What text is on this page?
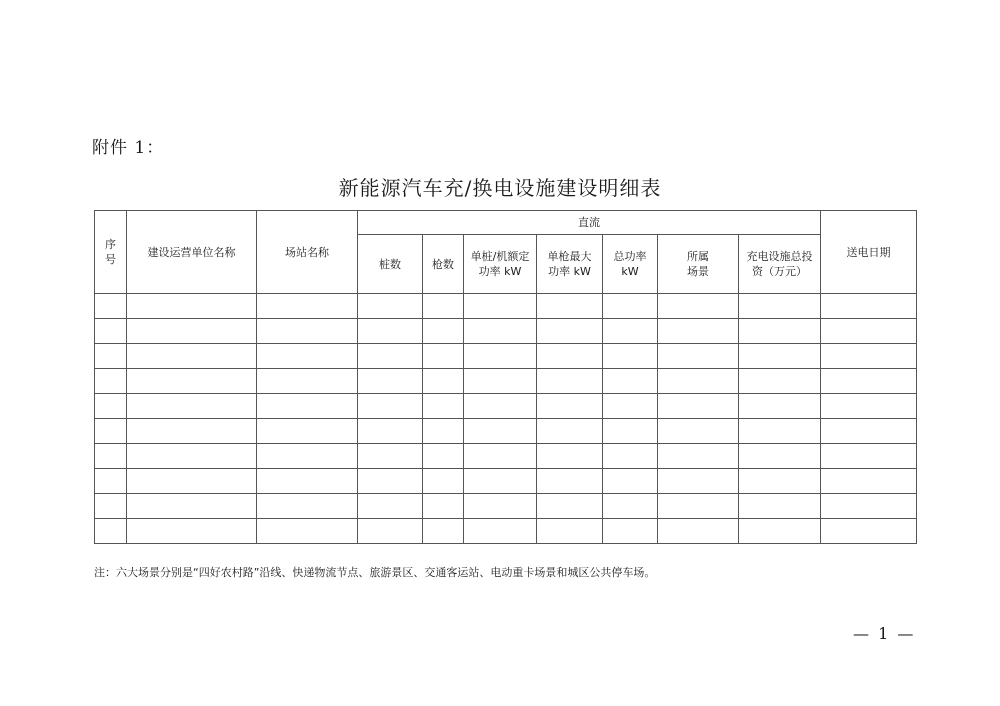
附件 1：
新能源汽车充/换电设施建设明细表
序号	建设运营单位名称	场站名称	直流							送电日期
			桩数	枪数	单桩/机额定功率 kW	单枪最大功率 kW	总功率 kW	所属场景	充电设施总投资（万元）	

注：六大场景分别是“四好农村路”沿线、快递物流节点、旅游景区、交通客运站、电动重卡场景和城区公共停车场。
— 1 —
